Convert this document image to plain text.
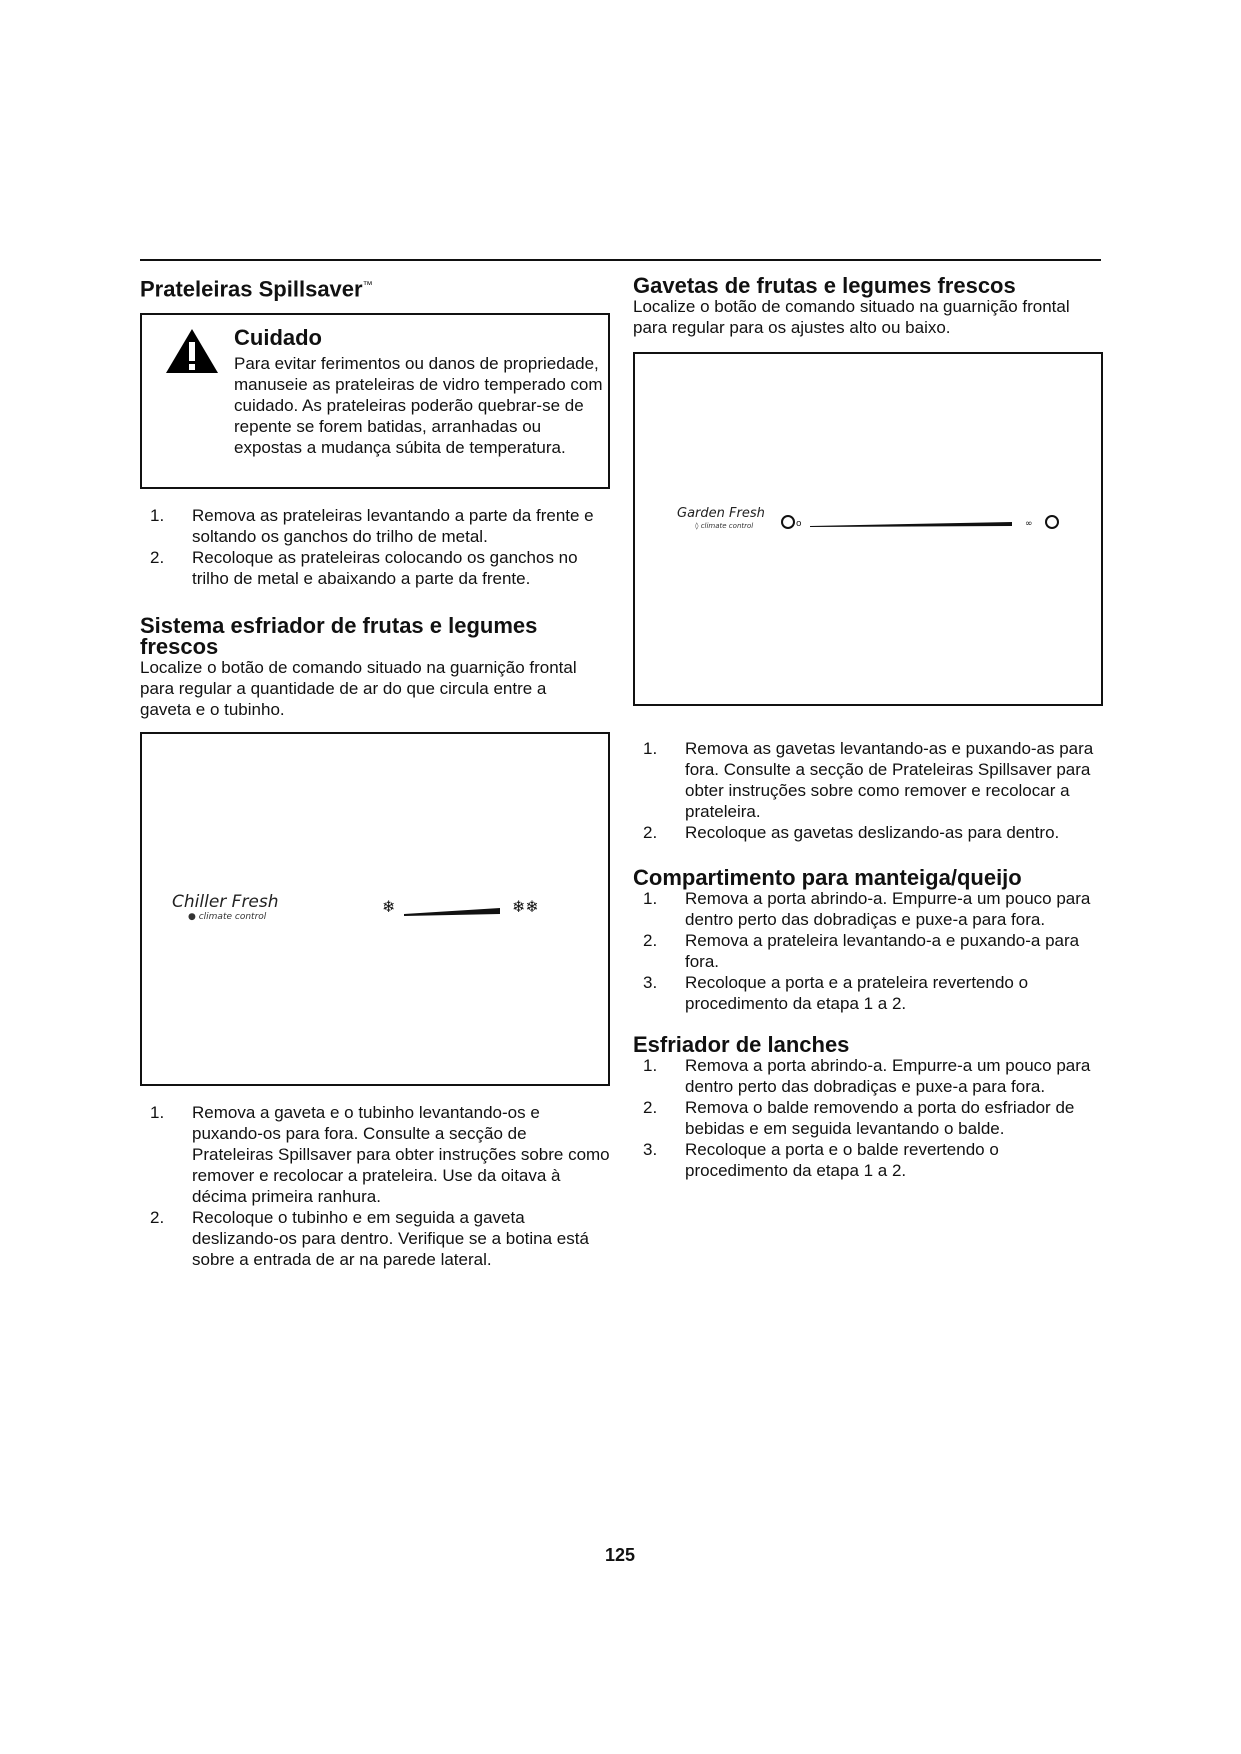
Prateleiras Spillsaver™
Cuidado
Para evitar ferimentos ou danos de propriedade, manuseie as prateleiras de vidro temperado com cuidado. As prateleiras poderão quebrar-se de repente se forem batidas, arranhadas ou expostas a mudança súbita de temperatura.
1. Remova as prateleiras levantando a parte da frente e soltando os ganchos do trilho de metal.
2. Recoloque as prateleiras colocando os ganchos no trilho de metal e abaixando a parte da frente.
Sistema esfriador de frutas e legumes frescos

Localize o botão de comando situado na guarnição frontal para regular a quantidade de ar do que circula entre a gaveta e o tubinho.

Chiller Fresh
● climate control
❄	❄❄
1. Remova a gaveta e o tubinho levantando-os e puxando-os para fora. Consulte a secção de Prateleiras Spillsaver para obter instruções sobre como remover e recolocar a prateleira. Use da oitava à décima primeira ranhura.
2. Recoloque o tubinho e em seguida a gaveta deslizando-os para dentro. Verifique se a botina está sobre a entrada de ar na parede lateral.
Gavetas de frutas e legumes frescos

Localize o botão de comando situado na guarnição frontal para regular para os ajustes alto ou baixo.

Garden Fresh
◊ climate control	o	∞
1. Remova as gavetas levantando-as e puxando-as para fora. Consulte a secção de Prateleiras Spillsaver para obter instruções sobre como remover e recolocar a prateleira.
2. Recoloque as gavetas deslizando-as para dentro.
Compartimento para manteiga/queijo
1. Remova a porta abrindo-a. Empurre-a um pouco para dentro perto das dobradiças e puxe-a para fora.
2. Remova a prateleira levantando-a e puxando-a para fora.
3. Recoloque a porta e a prateleira revertendo o procedimento da etapa 1 a 2.
Esfriador de lanches
1. Remova a porta abrindo-a. Empurre-a um pouco para dentro perto das dobradiças e puxe-a para fora.
2. Remova o balde removendo a porta do esfriador de bebidas e em seguida levantando o balde.
3. Recoloque a porta e o balde revertendo o procedimento da etapa 1 a 2.
125
